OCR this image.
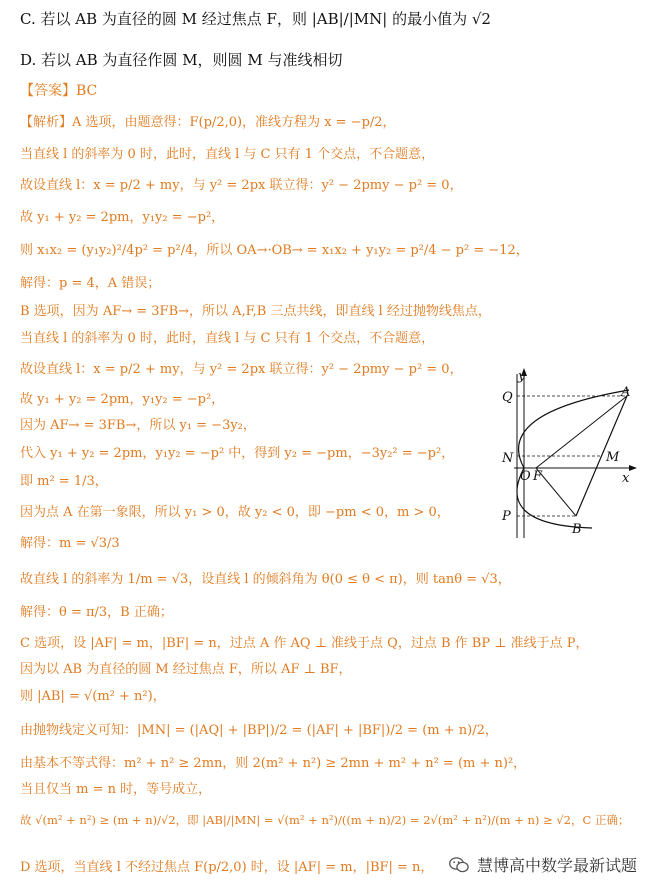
C. 若以 AB 为直径的圆 M 经过焦点 F，则 |AB|/|MN| 的最小值为 √2
D. 若以 AB 为直径作圆 M，则圆 M 与准线相切
【答案】BC
【解析】A 选项，由题意得：F(p/2,0)，准线方程为 x = −p/2，
当直线 l 的斜率为 0 时，此时，直线 l 与 C 只有 1 个交点，不合题意，
故设直线 l：x = p/2 + my，与 y² = 2px 联立得：y² − 2pmy − p² = 0，
故 y₁ + y₂ = 2pm，y₁y₂ = −p²，
则 x₁x₂ = (y₁y₂)²/4p² = p²/4，所以 OA→·OB→ = x₁x₂ + y₁y₂ = p²/4 − p² = −12，
解得：p = 4，A 错误；
B 选项，因为 AF→ = 3FB→，所以 A,F,B 三点共线，即直线 l 经过抛物线焦点，
当直线 l 的斜率为 0 时，此时，直线 l 与 C 只有 1 个交点，不合题意，
故设直线 l：x = p/2 + my，与 y² = 2px 联立得：y² − 2pmy − p² = 0，
故 y₁ + y₂ = 2pm，y₁y₂ = −p²，
因为 AF→ = 3FB→，所以 y₁ = −3y₂，
代入 y₁ + y₂ = 2pm，y₁y₂ = −p² 中，得到 y₂ = −pm，−3y₂² = −p²，
即 m² = 1/3，
因为点 A 在第一象限，所以 y₁ > 0，故 y₂ < 0，即 −pm < 0，m > 0，
解得：m = √3/3
故直线 l 的斜率为 1/m = √3，设直线 l 的倾斜角为 θ(0 ≤ θ < π)，则 tanθ = √3，
解得：θ = π/3，B 正确；
C 选项，设 |AF| = m，|BF| = n，过点 A 作 AQ ⊥ 准线于点 Q，过点 B 作 BP ⊥ 准线于点 P，
因为以 AB 为直径的圆 M 经过焦点 F，所以 AF ⊥ BF，
则 |AB| = √(m² + n²)，
由抛物线定义可知：|MN| = (|AQ| + |BP|)/2 = (|AF| + |BF|)/2 = (m + n)/2，
由基本不等式得：m² + n² ≥ 2mn，则 2(m² + n²) ≥ 2mn + m² + n² = (m + n)²，
当且仅当 m = n 时，等号成立，
故 √(m² + n²) ≥ (m + n)/√2，即 |AB|/|MN| = √(m² + n²)/((m + n)/2) = 2√(m² + n²)/(m + n) ≥ √2，C 正确；
D 选项，当直线 l 不经过焦点 F(p/2,0) 时，设 |AF| = m，|BF| = n，
y
x
Q	A
N	M
O F
P
B
慧博高中数学最新试题
